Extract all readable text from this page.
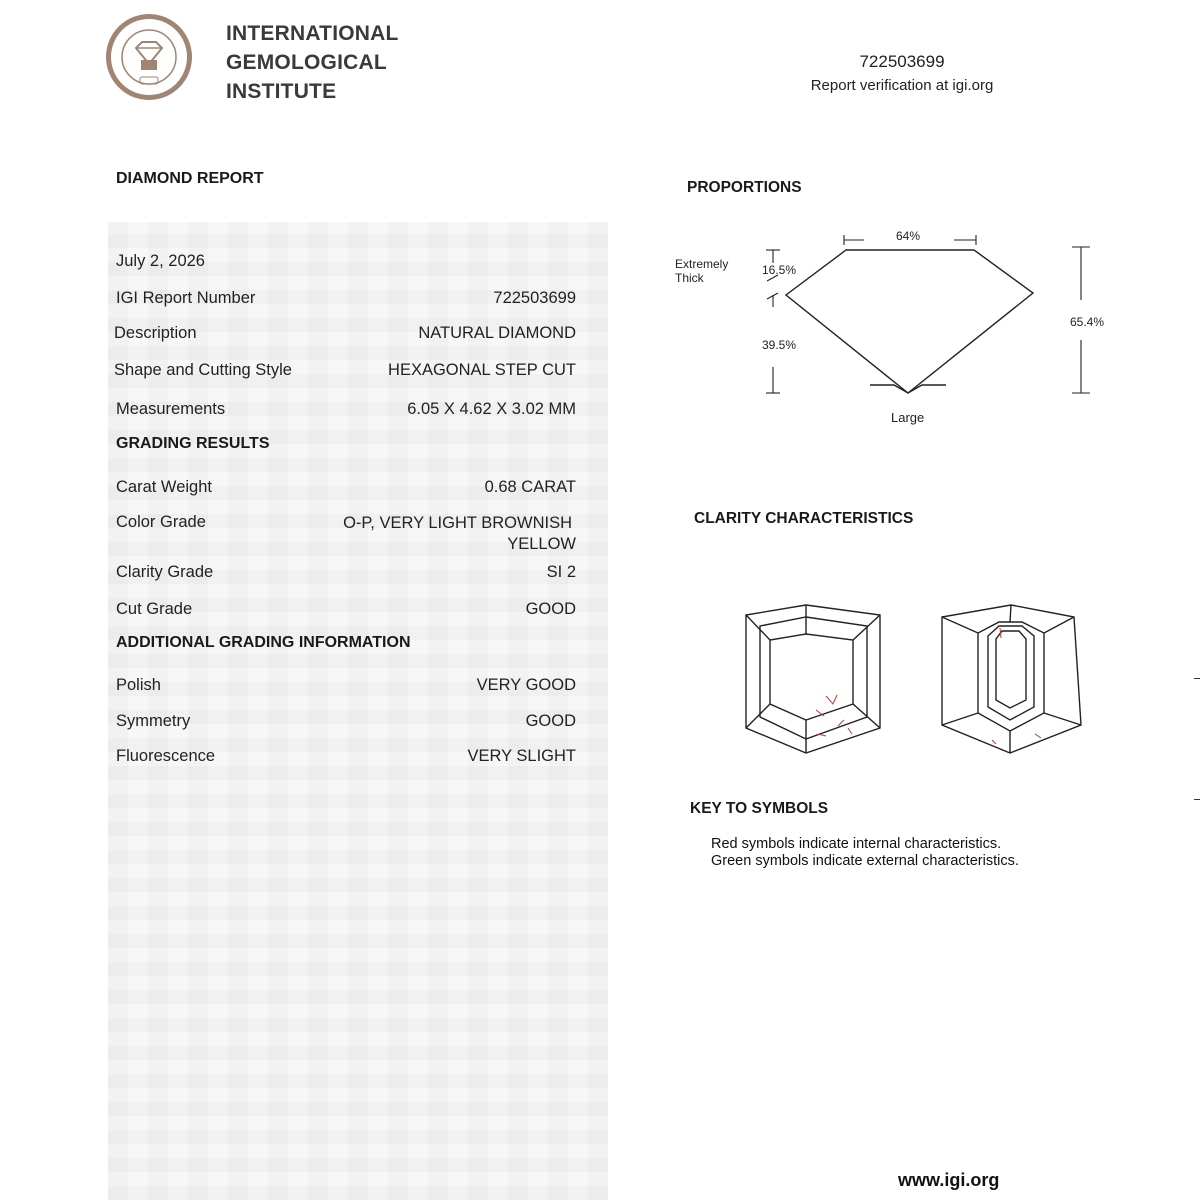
INTERNATIONAL
GEMOLOGICAL
INSTITUTE
722503699
Report verification at igi.org
DIAMOND REPORT
July 2, 2026
IGI Report Number	722503699
Description	NATURAL DIAMOND
Shape and Cutting Style	HEXAGONAL STEP CUT
Measurements	6.05 X 4.62 X 3.02 MM
GRADING RESULTS
Carat Weight	0.68 CARAT
Color Grade	O-P, VERY LIGHT BROWNISH
YELLOW
Clarity Grade	SI 2
Cut Grade	GOOD
ADDITIONAL GRADING INFORMATION
Polish	VERY GOOD
Symmetry	GOOD
Fluorescence	VERY SLIGHT
PROPORTIONS
64%
16.5%
39.5%
65.4%
Extremely
Thick
Large
CLARITY CHARACTERISTICS
KEY TO SYMBOLS
Red symbols indicate internal characteristics.
Green symbols indicate external characteristics.
www.igi.org
